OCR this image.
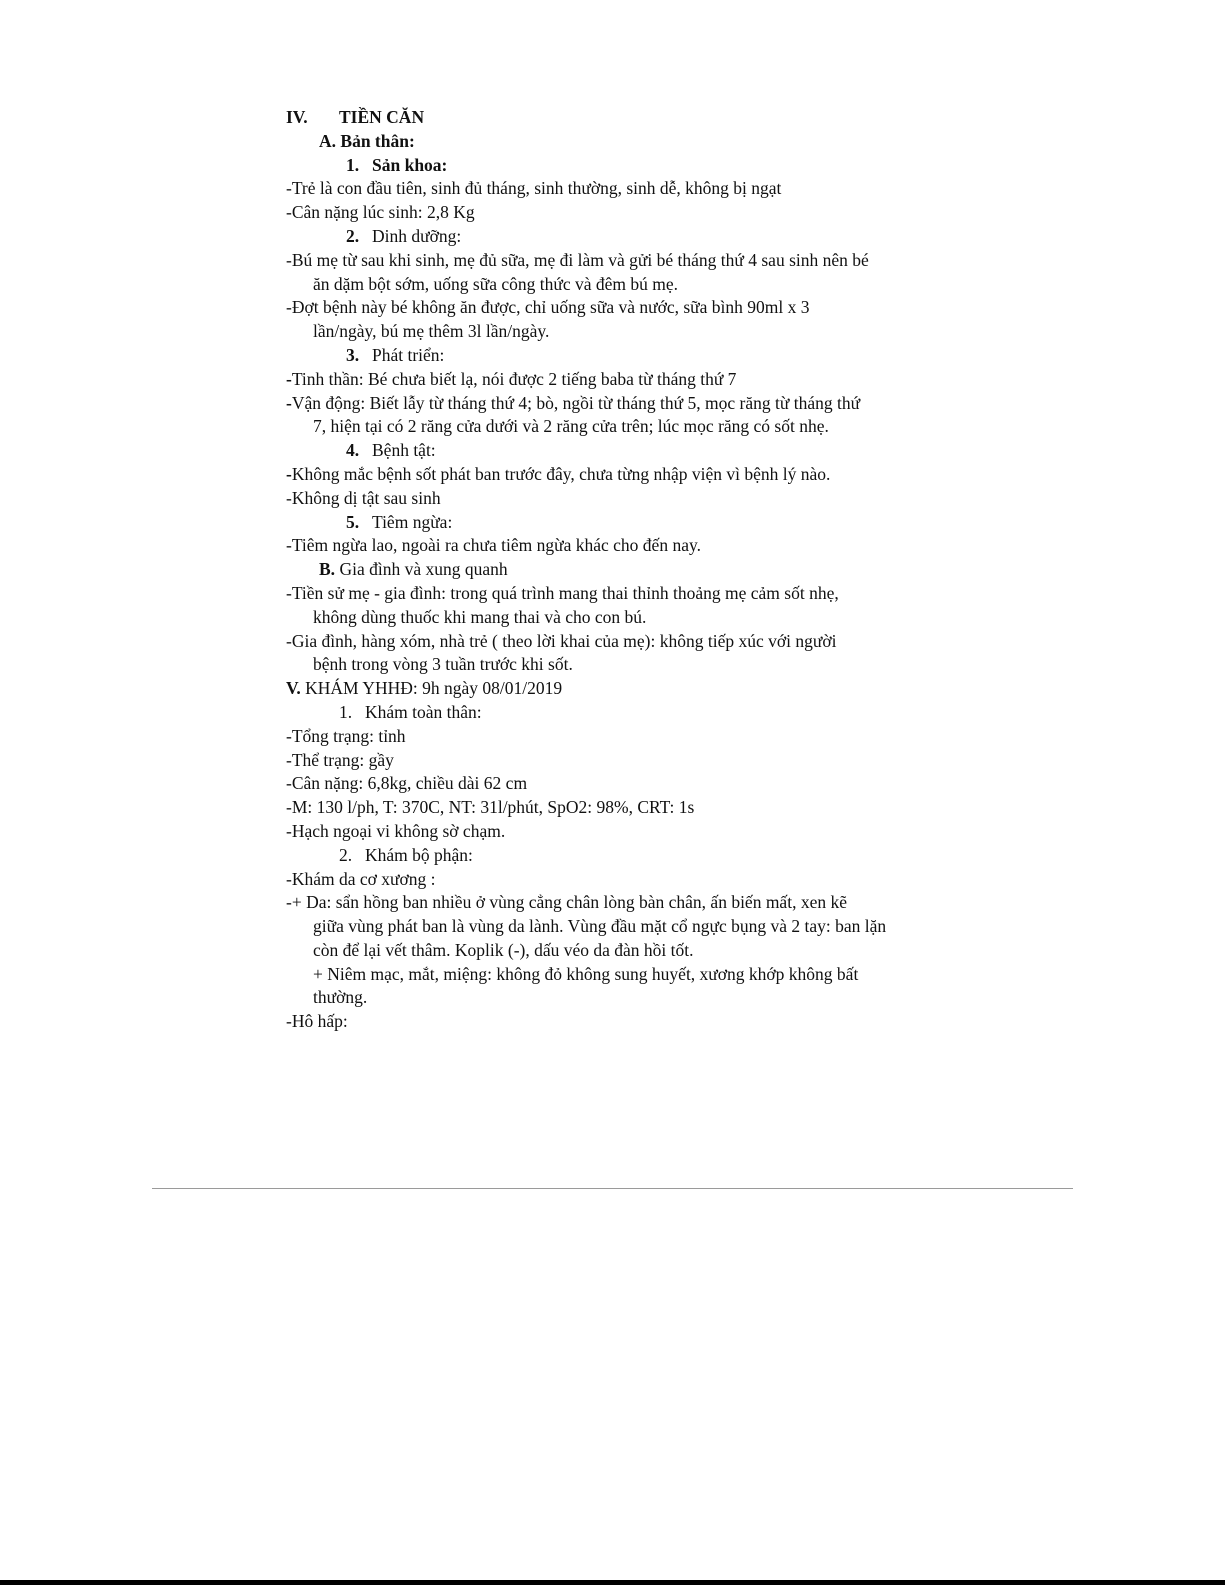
IV. TIỀN CĂN
A. Bản thân:
1. Sản khoa:
-Trẻ là con đầu tiên, sinh đủ tháng, sinh thường, sinh dễ, không bị ngạt
-Cân nặng lúc sinh: 2,8 Kg
2. Dinh dưỡng:
-Bú mẹ từ sau khi sinh, mẹ đủ sữa, mẹ đi làm và gửi bé tháng thứ 4 sau sinh nên bé
ăn dặm bột sớm, uống sữa công thức và đêm bú mẹ.
-Đợt bệnh này bé không ăn được, chỉ uống sữa và nước, sữa bình 90ml x 3
lần/ngày, bú mẹ thêm 3l lần/ngày.
3. Phát triển:
-Tinh thần: Bé chưa biết lạ, nói được 2 tiếng baba từ tháng thứ 7
-Vận động: Biết lẫy từ tháng thứ 4; bò, ngồi từ tháng thứ 5, mọc răng từ tháng thứ
7, hiện tại có 2 răng cửa dưới và 2 răng cửa trên; lúc mọc răng có sốt nhẹ.
4. Bệnh tật:
-Không mắc bệnh sốt phát ban trước đây, chưa từng nhập viện vì bệnh lý nào.
-Không dị tật sau sinh
5. Tiêm ngừa:
-Tiêm ngừa lao, ngoài ra chưa tiêm ngừa khác cho đến nay.
B. Gia đình và xung quanh
-Tiền sử mẹ - gia đình: trong quá trình mang thai thỉnh thoảng mẹ cảm sốt nhẹ,
không dùng thuốc khi mang thai và cho con bú.
-Gia đình, hàng xóm, nhà trẻ ( theo lời khai của mẹ): không tiếp xúc với người
bệnh trong vòng 3 tuần trước khi sốt.
V. KHÁM YHHĐ: 9h ngày 08/01/2019
1. Khám toàn thân:
-Tổng trạng: tỉnh
-Thể trạng: gầy
-Cân nặng: 6,8kg, chiều dài 62 cm
-M: 130 l/ph, T: 370C, NT: 31l/phút, SpO2: 98%, CRT: 1s
-Hạch ngoại vi không sờ chạm.
2. Khám bộ phận:
-Khám da cơ xương :
-+ Da: sẩn hồng ban nhiều ở vùng cẳng chân lòng bàn chân, ấn biến mất, xen kẽ
giữa vùng phát ban là vùng da lành. Vùng đầu mặt cổ ngực bụng và 2 tay: ban lặn
còn để lại vết thâm. Koplik (-), dấu véo da đàn hồi tốt.
+ Niêm mạc, mắt, miệng: không đỏ không sung huyết, xương khớp không bất
thường.
-Hô hấp:
